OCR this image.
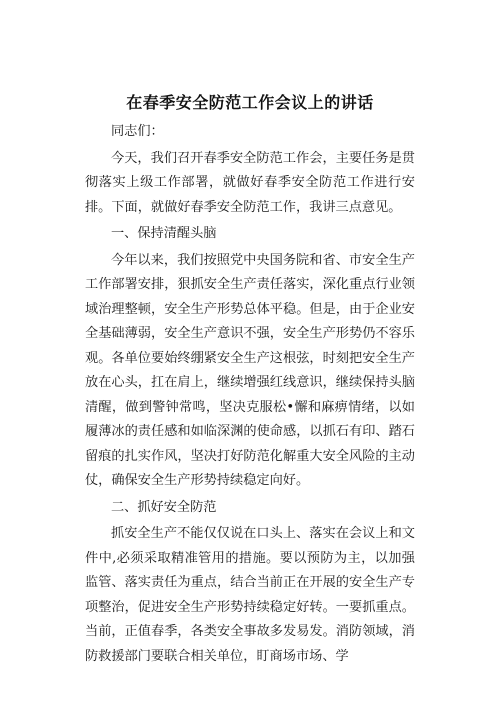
在春季安全防范工作会议上的讲话

同志们：

今天，我们召开春季安全防范工作会，主要任务是贯彻落实上级工作部署，就做好春季安全防范工作进行安排。下面，就做好春季安全防范工作，我讲三点意见。

一、保持清醒头脑

今年以来，我们按照党中央国务院和省、市安全生产工作部署安排，狠抓安全生产责任落实，深化重点行业领域治理整顿，安全生产形势总体平稳。但是，由于企业安全基础薄弱，安全生产意识不强，安全生产形势仍不容乐观。各单位要始终绷紧安全生产这根弦，时刻把安全生产放在心头，扛在肩上，继续增强红线意识，继续保持头脑清醒，做到警钟常鸣，坚决克服松•懈和麻痹情绪，以如履薄冰的责任感和如临深渊的使命感，以抓石有印、踏石留痕的扎实作风，坚决打好防范化解重大安全风险的主动仗，确保安全生产形势持续稳定向好。

二、抓好安全防范

抓安全生产不能仅仅说在口头上、落实在会议上和文件中,必须采取精准管用的措施。要以预防为主，以加强监管、落实责任为重点，结合当前正在开展的安全生产专项整治，促进安全生产形势持续稳定好转。一要抓重点。当前，正值春季，各类安全事故多发易发。消防领域，消防救援部门要联合相关单位，盯商场市场、学
